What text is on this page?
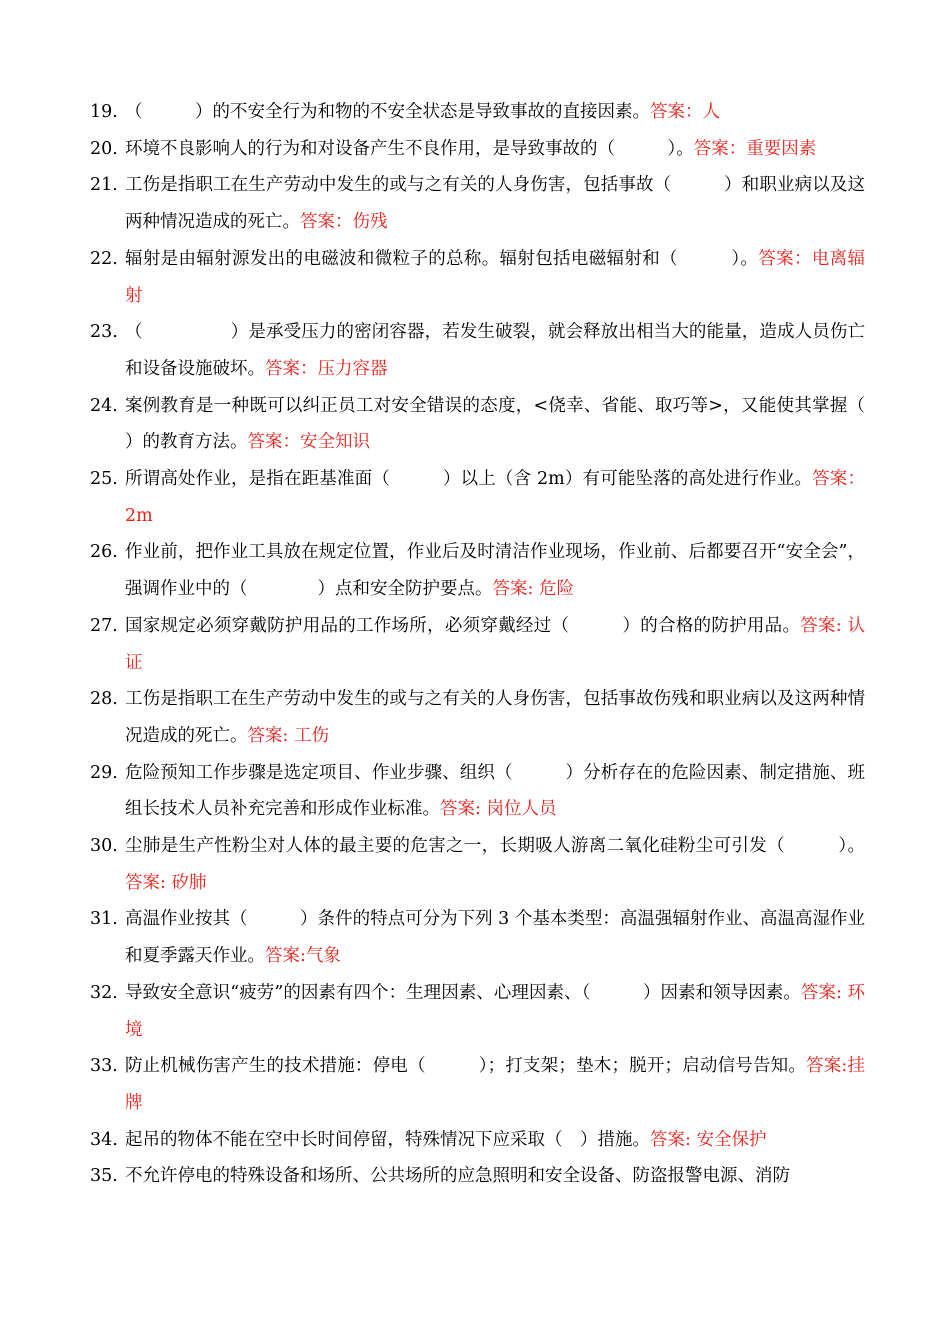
19. （　　　）的不安全行为和物的不安全状态是导致事故的直接因素。答案：人
20. 环境不良影响人的行为和对设备产生不良作用，是导致事故的（　　　）。答案：重要因素
21. 工伤是指职工在生产劳动中发生的或与之有关的人身伤害，包括事故（　　　）和职业病以及这两种情况造成的死亡。答案：伤残
22. 辐射是由辐射源发出的电磁波和微粒子的总称。辐射包括电磁辐射和（　　　）。答案：电离辐射
23. （　　　　　）是承受压力的密闭容器，若发生破裂，就会释放出相当大的能量，造成人员伤亡和设备设施破坏。答案：压力容器
24. 案例教育是一种既可以纠正员工对安全错误的态度，<侥幸、省能、取巧等>，又能使其掌握（　　　）的教育方法。答案：安全知识
25. 所谓高处作业，是指在距基准面（　　　）以上（含 2m）有可能坠落的高处进行作业。答案：2m
26. 作业前，把作业工具放在规定位置，作业后及时清洁作业现场，作业前、后都要召开“安全会”，强调作业中的（　　　　）点和安全防护要点。答案: 危险
27. 国家规定必须穿戴防护用品的工作场所，必须穿戴经过（　　　）的合格的防护用品。答案: 认证
28. 工伤是指职工在生产劳动中发生的或与之有关的人身伤害，包括事故伤残和职业病以及这两种情况造成的死亡。答案: 工伤
29. 危险预知工作步骤是选定项目、作业步骤、组织（　　　）分析存在的危险因素、制定措施、班组长技术人员补充完善和形成作业标准。答案: 岗位人员
30. 尘肺是生产性粉尘对人体的最主要的危害之一，长期吸人游离二氧化硅粉尘可引发（　　　）。答案: 矽肺
31. 高温作业按其（　　　）条件的特点可分为下列 3 个基本类型：高温强辐射作业、高温高湿作业和夏季露天作业。答案:气象
32. 导致安全意识“疲劳”的因素有四个：生理因素、心理因素、（　　　）因素和领导因素。答案: 环境
33. 防止机械伤害产生的技术措施：停电（　　　）；打支架；垫木；脱开；启动信号告知。答案:挂牌
34. 起吊的物体不能在空中长时间停留，特殊情况下应采取（　）措施。答案: 安全保护
35. 不允许停电的特殊设备和场所、公共场所的应急照明和安全设备、防盗报警电源、消防
